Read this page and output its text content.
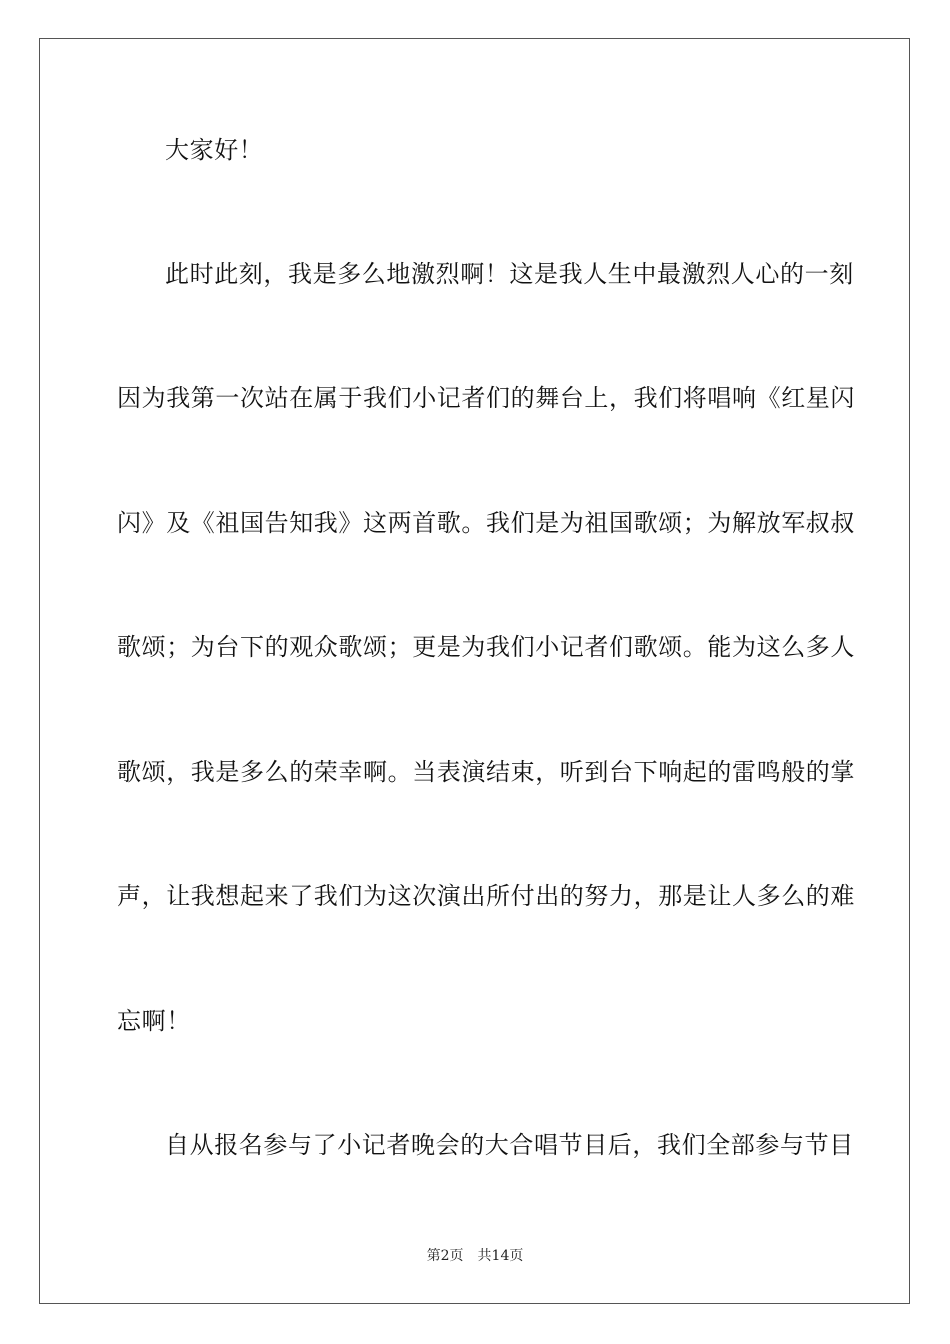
大家好！
此时此刻，我是多么地激烈啊！这是我人生中最激烈人心的一刻
因为我第一次站在属于我们小记者们的舞台上，我们将唱响《红星闪
闪》及《祖国告知我》这两首歌。我们是为祖国歌颂；为解放军叔叔
歌颂；为台下的观众歌颂；更是为我们小记者们歌颂。能为这么多人
歌颂，我是多么的荣幸啊。当表演结束，听到台下响起的雷鸣般的掌
声，让我想起来了我们为这次演出所付出的努力，那是让人多么的难
忘啊！
自从报名参与了小记者晚会的大合唱节目后，我们全部参与节目
第2页 共14页
